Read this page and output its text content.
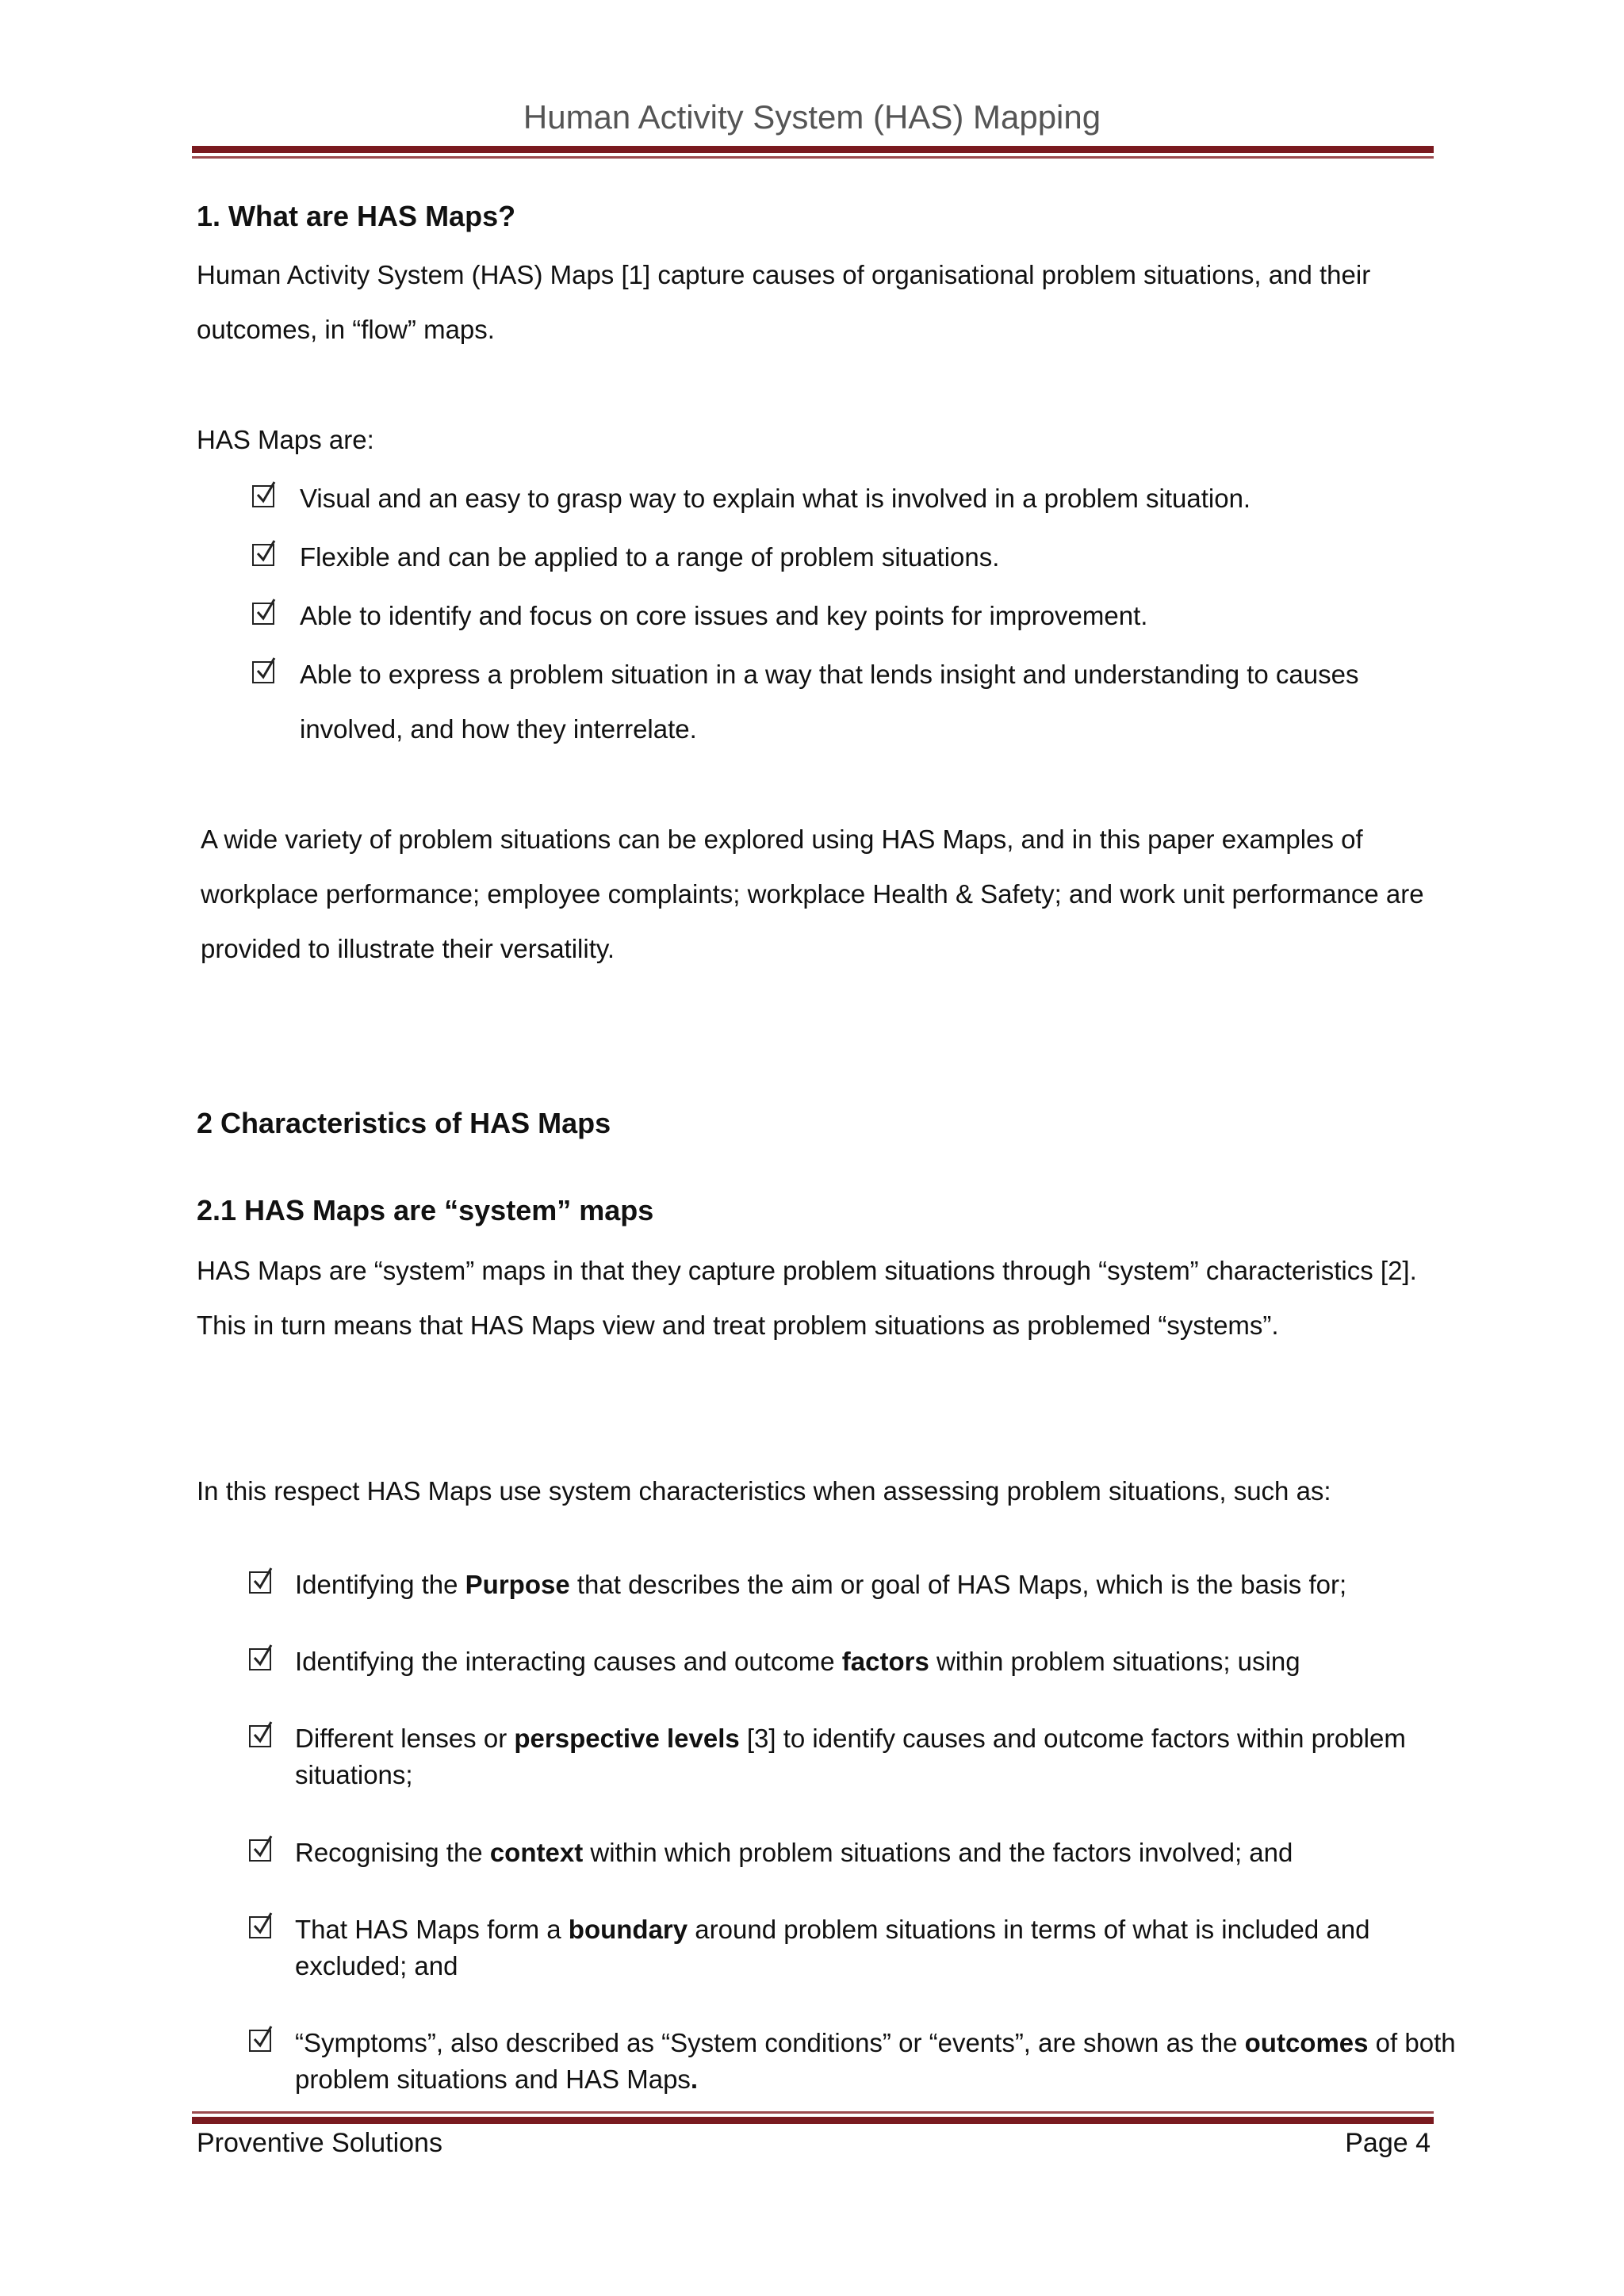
Human Activity System (HAS) Mapping
1. What are HAS Maps?
Human Activity System (HAS) Maps [1] capture causes of organisational problem situations, and their outcomes, in “flow” maps.
HAS Maps are:
Visual and an easy to grasp way to explain what is involved in a problem situation.
Flexible and can be applied to a range of problem situations.
Able to identify and focus on core issues and key points for improvement.
Able to express a problem situation in a way that lends insight and understanding to causes involved, and how they interrelate.
A wide variety of problem situations can be explored using HAS Maps, and in this paper examples of workplace performance; employee complaints; workplace Health & Safety; and work unit performance are provided to illustrate their versatility.
2 Characteristics of HAS Maps
2.1 HAS Maps are “system” maps
HAS Maps are “system” maps in that they capture problem situations through “system” characteristics [2]. This in turn means that HAS Maps view and treat problem situations as problemed “systems”.
In this respect HAS Maps use system characteristics when assessing problem situations, such as:
Identifying the Purpose that describes the aim or goal of HAS Maps, which is the basis for;
Identifying the interacting causes and outcome factors within problem situations; using
Different lenses or perspective levels [3] to identify causes and outcome factors within problem situations;
Recognising the context within which problem situations and the factors involved; and
That HAS Maps form a boundary around problem situations in terms of what is included and excluded; and
“Symptoms”, also described as “System conditions” or “events”, are shown as the outcomes of both problem situations and HAS Maps.
Proventive Solutions	Page 4
